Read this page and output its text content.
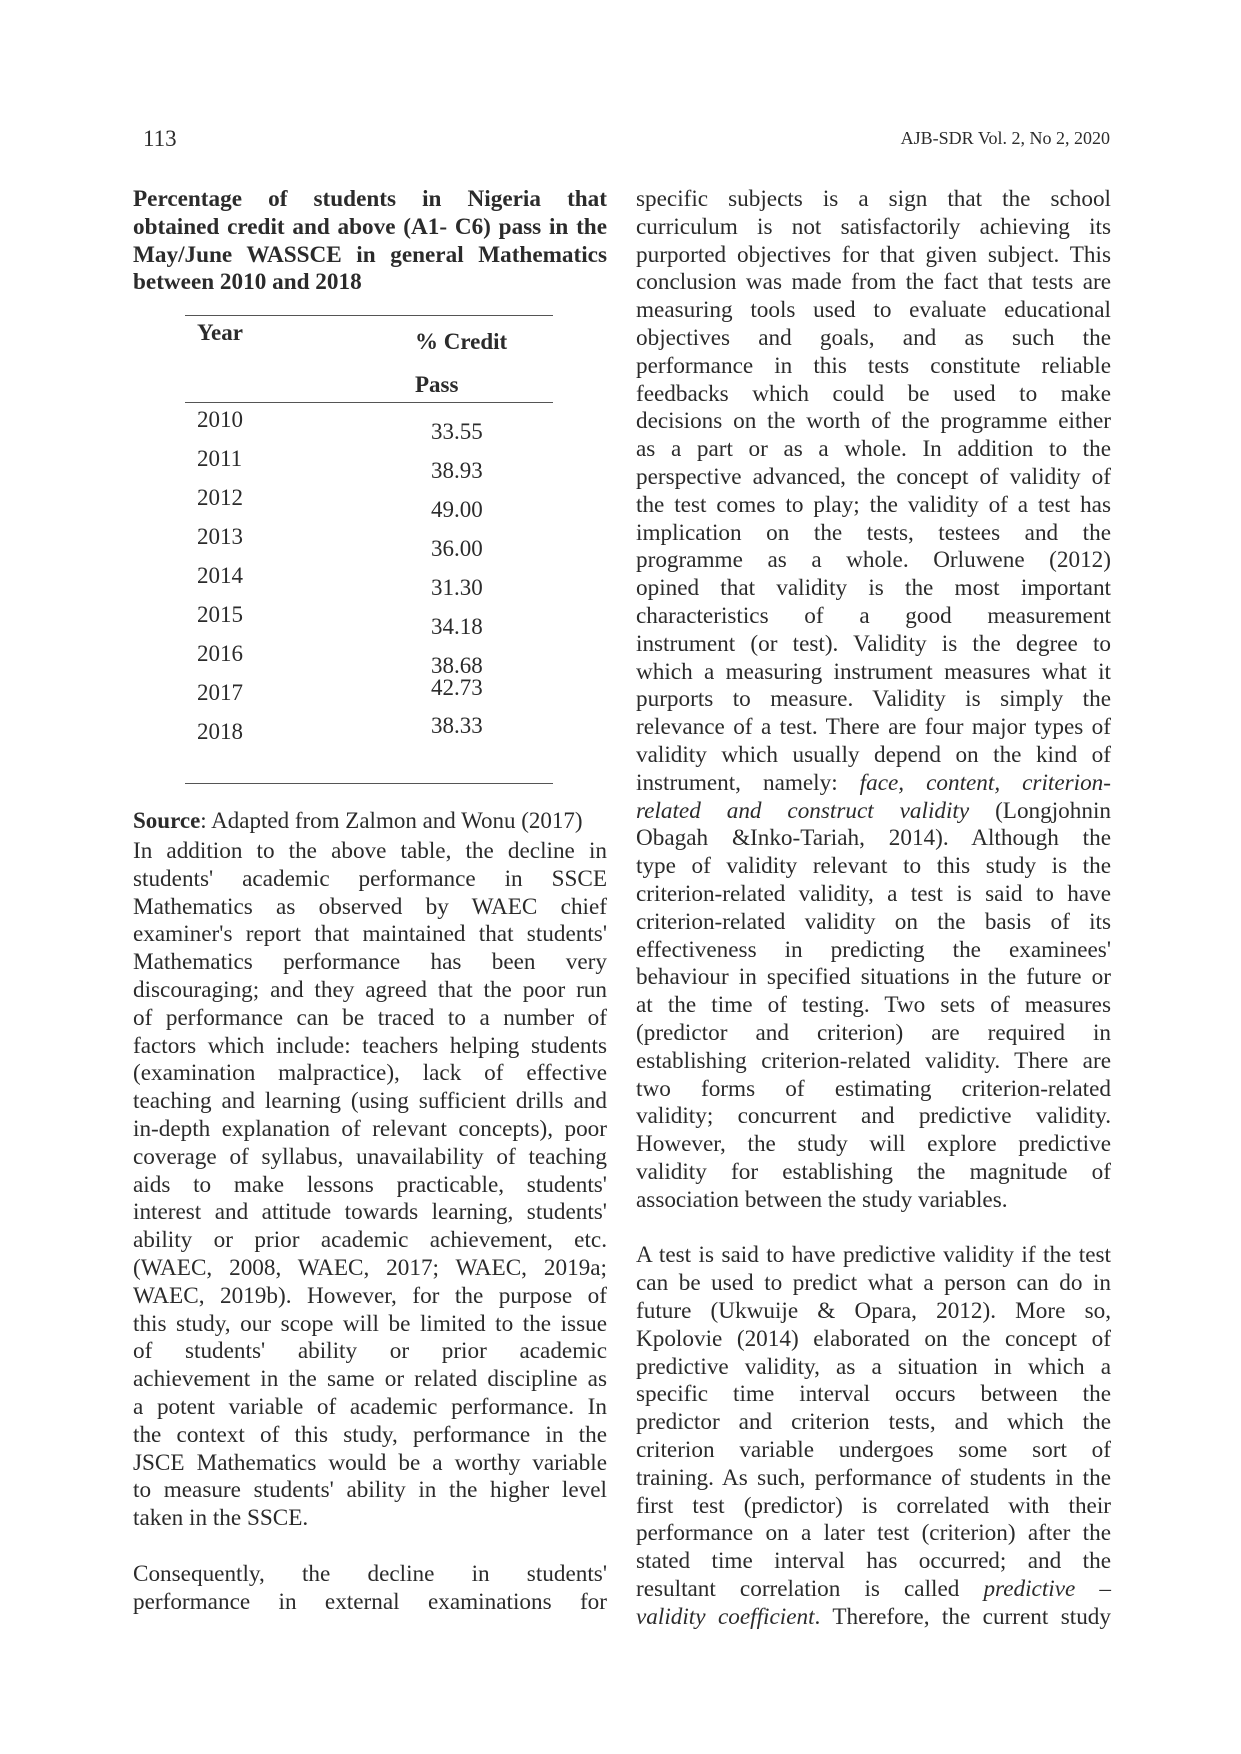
113	AJB-SDR Vol. 2, No 2, 2020
Percentage of students in Nigeria that
obtained credit and above (A1- C6) pass in the
May/June WASSCE in general Mathematics
between 2010 and 2018
Year	% Credit
Pass
2010	33.55
2011	38.93
2012	49.00
2013	36.00
2014	31.30
2015	34.18
2016	38.68
2017	42.73
2018	38.33
Source: Adapted from Zalmon and Wonu (2017)
In addition to the above table, the decline in
students' academic performance in SSCE
Mathematics as observed by WAEC chief
examiner's report that maintained that students'
Mathematics performance has been very
discouraging; and they agreed that the poor run
of performance can be traced to a number of
factors which include: teachers helping students
(examination malpractice), lack of effective
teaching and learning (using sufficient drills and
in-depth explanation of relevant concepts), poor
coverage of syllabus, unavailability of teaching
aids to make lessons practicable, students'
interest and attitude towards learning, students'
ability or prior academic achievement, etc.
(WAEC, 2008, WAEC, 2017; WAEC, 2019a;
WAEC, 2019b). However, for the purpose of
this study, our scope will be limited to the issue
of students' ability or prior academic
achievement in the same or related discipline as
a potent variable of academic performance. In
the context of this study, performance in the
JSCE Mathematics would be a worthy variable
to measure students' ability in the higher level
taken in the SSCE.
Consequently, the decline in students'
performance in external examinations for
specific subjects is a sign that the school
curriculum is not satisfactorily achieving its
purported objectives for that given subject. This
conclusion was made from the fact that tests are
measuring tools used to evaluate educational
objectives and goals, and as such the
performance in this tests constitute reliable
feedbacks which could be used to make
decisions on the worth of the programme either
as a part or as a whole. In addition to the
perspective advanced, the concept of validity of
the test comes to play; the validity of a test has
implication on the tests, testees and the
programme as a whole. Orluwene (2012)
opined that validity is the most important
characteristics of a good measurement
instrument (or test). Validity is the degree to
which a measuring instrument measures what it
purports to measure. Validity is simply the
relevance of a test. There are four major types of
validity which usually depend on the kind of
instrument, namely: face, content, criterion-
related and construct validity (Longjohnin
Obagah &Inko-Tariah, 2014). Although the
type of validity relevant to this study is the
criterion-related validity, a test is said to have
criterion-related validity on the basis of its
effectiveness in predicting the examinees'
behaviour in specified situations in the future or
at the time of testing. Two sets of measures
(predictor and criterion) are required in
establishing criterion-related validity. There are
two forms of estimating criterion-related
validity; concurrent and predictive validity.
However, the study will explore predictive
validity for establishing the magnitude of
association between the study variables.
A test is said to have predictive validity if the test
can be used to predict what a person can do in
future (Ukwuije & Opara, 2012). More so,
Kpolovie (2014) elaborated on the concept of
predictive validity, as a situation in which a
specific time interval occurs between the
predictor and criterion tests, and which the
criterion variable undergoes some sort of
training. As such, performance of students in the
first test (predictor) is correlated with their
performance on a later test (criterion) after the
stated time interval has occurred; and the
resultant correlation is called predictive –
validity coefficient. Therefore, the current study
